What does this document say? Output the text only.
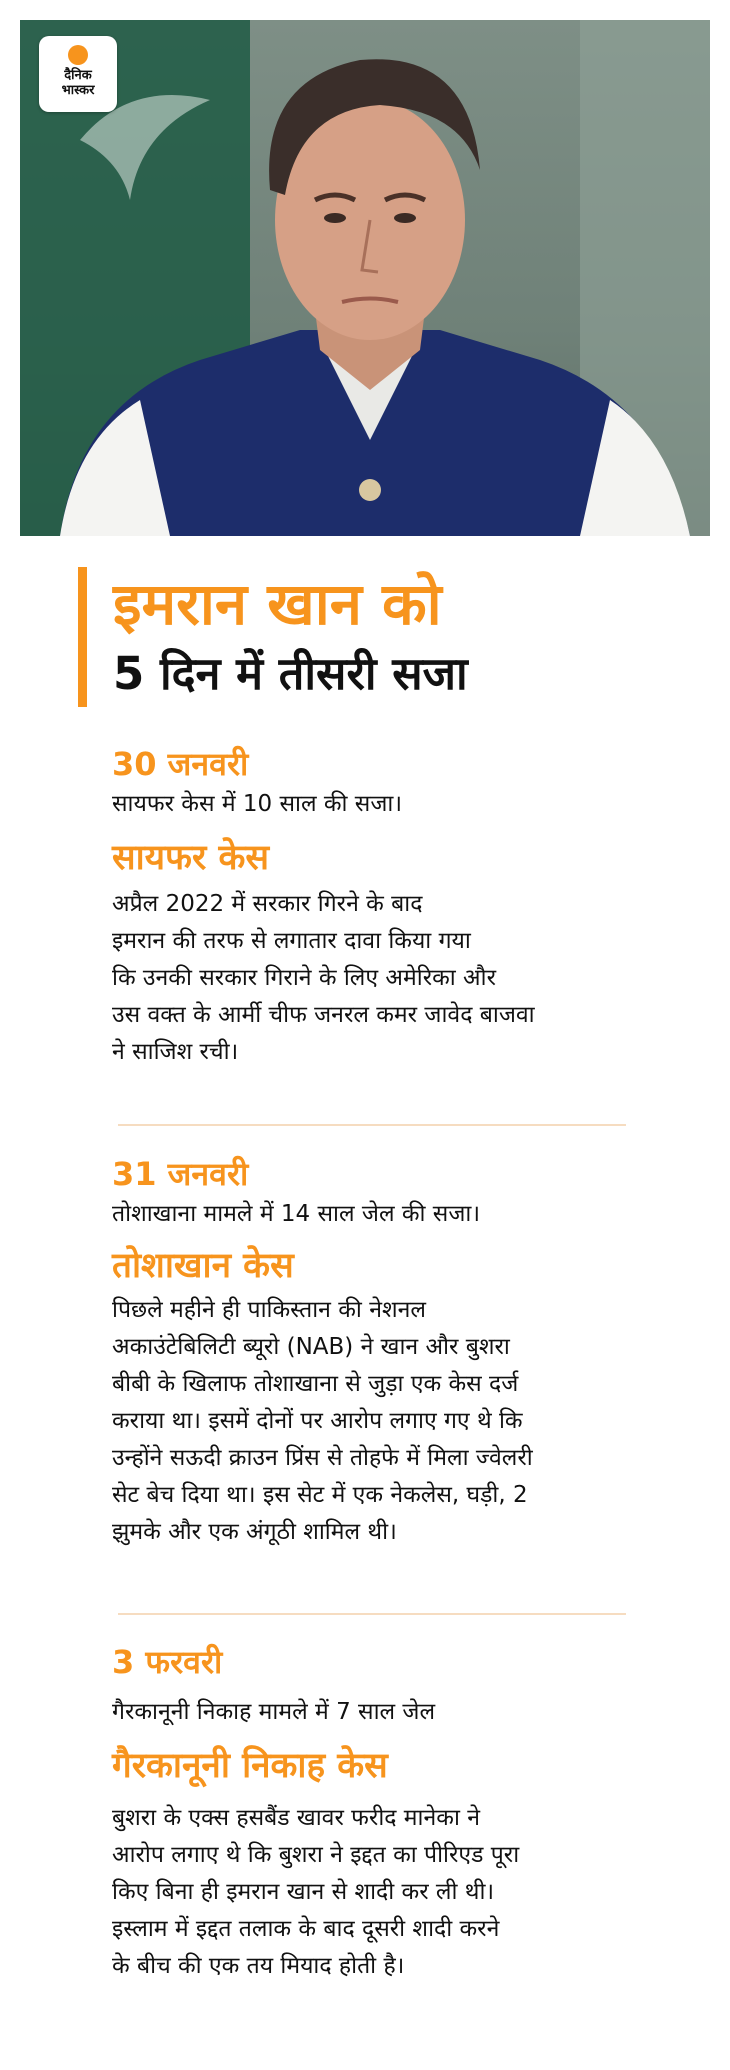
दैनिक
भास्कर
इमरान खान को
5 दिन में तीसरी सजा
30 जनवरी
सायफर केस में 10 साल की सजा।
सायफर केस
अप्रैल 2022 में सरकार गिरने के बाद
इमरान की तरफ से लगातार दावा किया गया
कि उनकी सरकार गिराने के लिए अमेरिका और
उस वक्त के आर्मी चीफ जनरल कमर जावेद बाजवा
ने साजिश रची।
31 जनवरी
तोशाखाना मामले में 14 साल जेल की सजा।
तोशाखान केस
पिछले महीने ही पाकिस्तान की नेशनल
अकाउंटेबिलिटी ब्यूरो (NAB) ने खान और बुशरा
बीबी के खिलाफ तोशाखाना से जुड़ा एक केस दर्ज
कराया था। इसमें दोनों पर आरोप लगाए गए थे कि
उन्होंने सऊदी क्राउन प्रिंस से तोहफे में मिला ज्वेलरी
सेट बेच दिया था। इस सेट में एक नेकलेस, घड़ी, 2
झुमके और एक अंगूठी शामिल थी।
3 फरवरी
गैरकानूनी निकाह मामले में 7 साल जेल
गैरकानूनी निकाह केस
बुशरा के एक्स हसबैंड खावर फरीद मानेका ने
आरोप लगाए थे कि बुशरा ने इद्दत का पीरिएड पूरा
किए बिना ही इमरान खान से शादी कर ली थी।
इस्लाम में इद्दत तलाक के बाद दूसरी शादी करने
के बीच की एक तय मियाद होती है।
